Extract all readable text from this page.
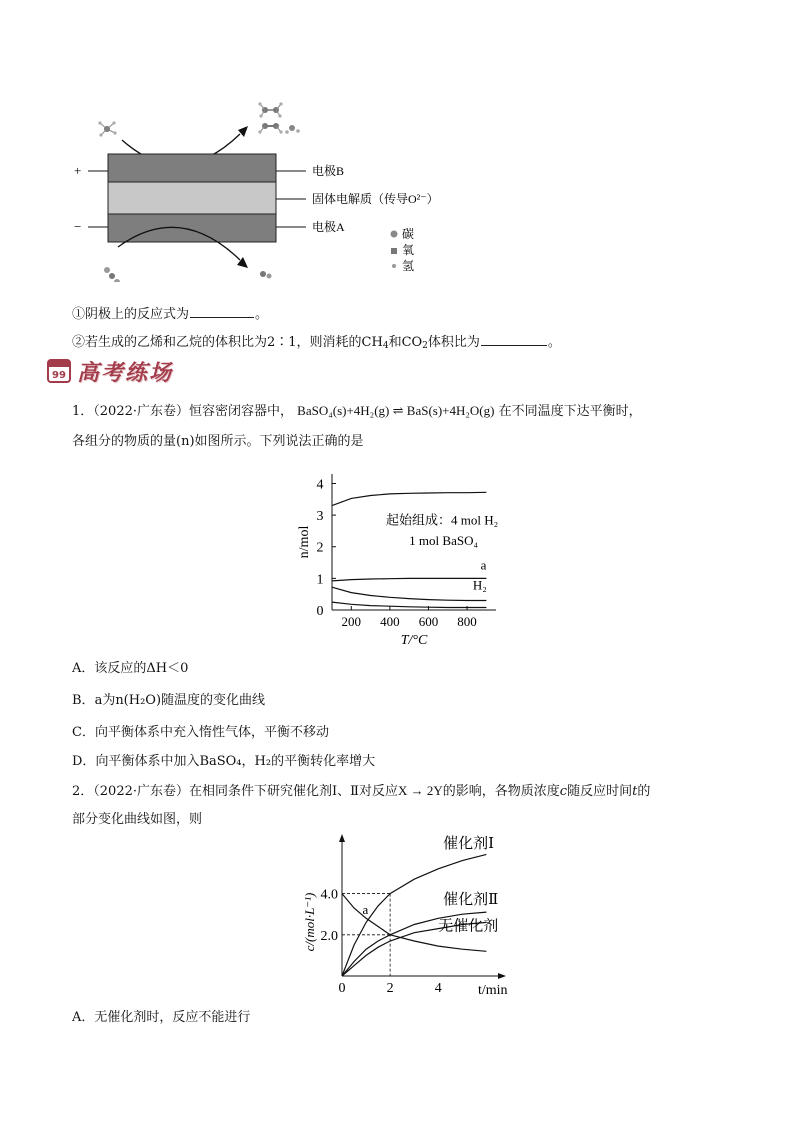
+
−
电极B
固体电解质（传导O²⁻）
电极A	碳
氧
氢
①阴极上的反应式为	。
②若生成的乙烯和乙烷的体积比为2∶1，则消耗的$CH_4$和$CO_2$体积比为	。
99 高考练场
1．（2022·广东卷）恒容密闭容器中， BaSO₄(s)+4H₂(g) ⇌ BaS(s)+4H₂O(g) 在不同温度下达平衡时，
各组分的物质的量(n)如图所示。下列说法正确的是
0
1
2
3
4
200 400 600 800
T/°C
n/mol
起始组成：4 mol H₂
1 mol BaSO₄
a
H₂
A．该反应的ΔH＜0
B．a为n(H₂O)随温度的变化曲线
C．向平衡体系中充入惰性气体，平衡不移动
D．向平衡体系中加入BaSO₄，H₂的平衡转化率增大
2．（2022·广东卷）在相同条件下研究催化剂Ⅰ、Ⅱ对反应X → 2Y的影响，各物质浓度c随反应时间t的
部分变化曲线如图，则
2.0
4.0
0	2	4	t/min
c/(mol·L⁻¹)
催化剂Ⅰ
催化剂Ⅱ
无催化剂
a
A．无催化剂时，反应不能进行
